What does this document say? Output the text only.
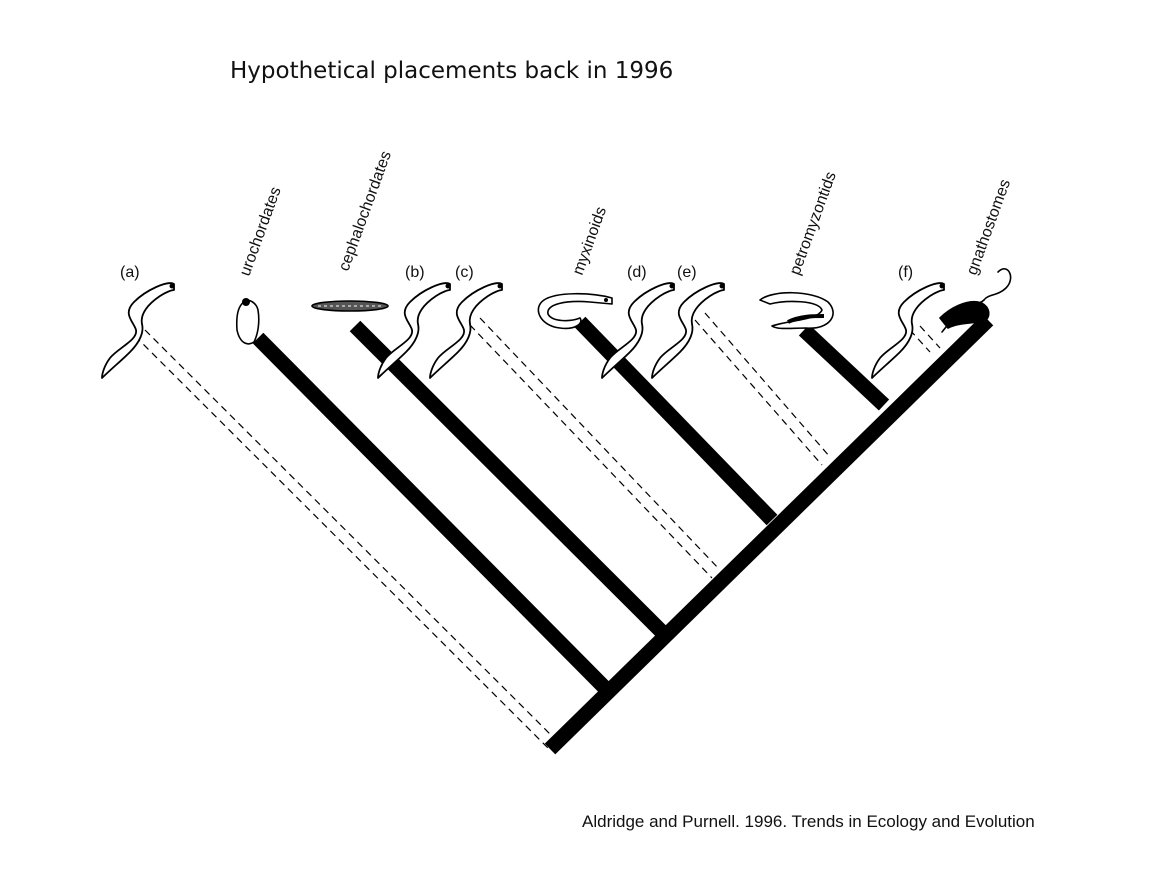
Hypothetical placements back in 1996
urochordates	cephalochordates	myxinoids	petromyzontids	gnathostomes
(a)	(b) (c)	(d) (e)	(f)
Aldridge and Purnell. 1996. Trends in Ecology and Evolution
